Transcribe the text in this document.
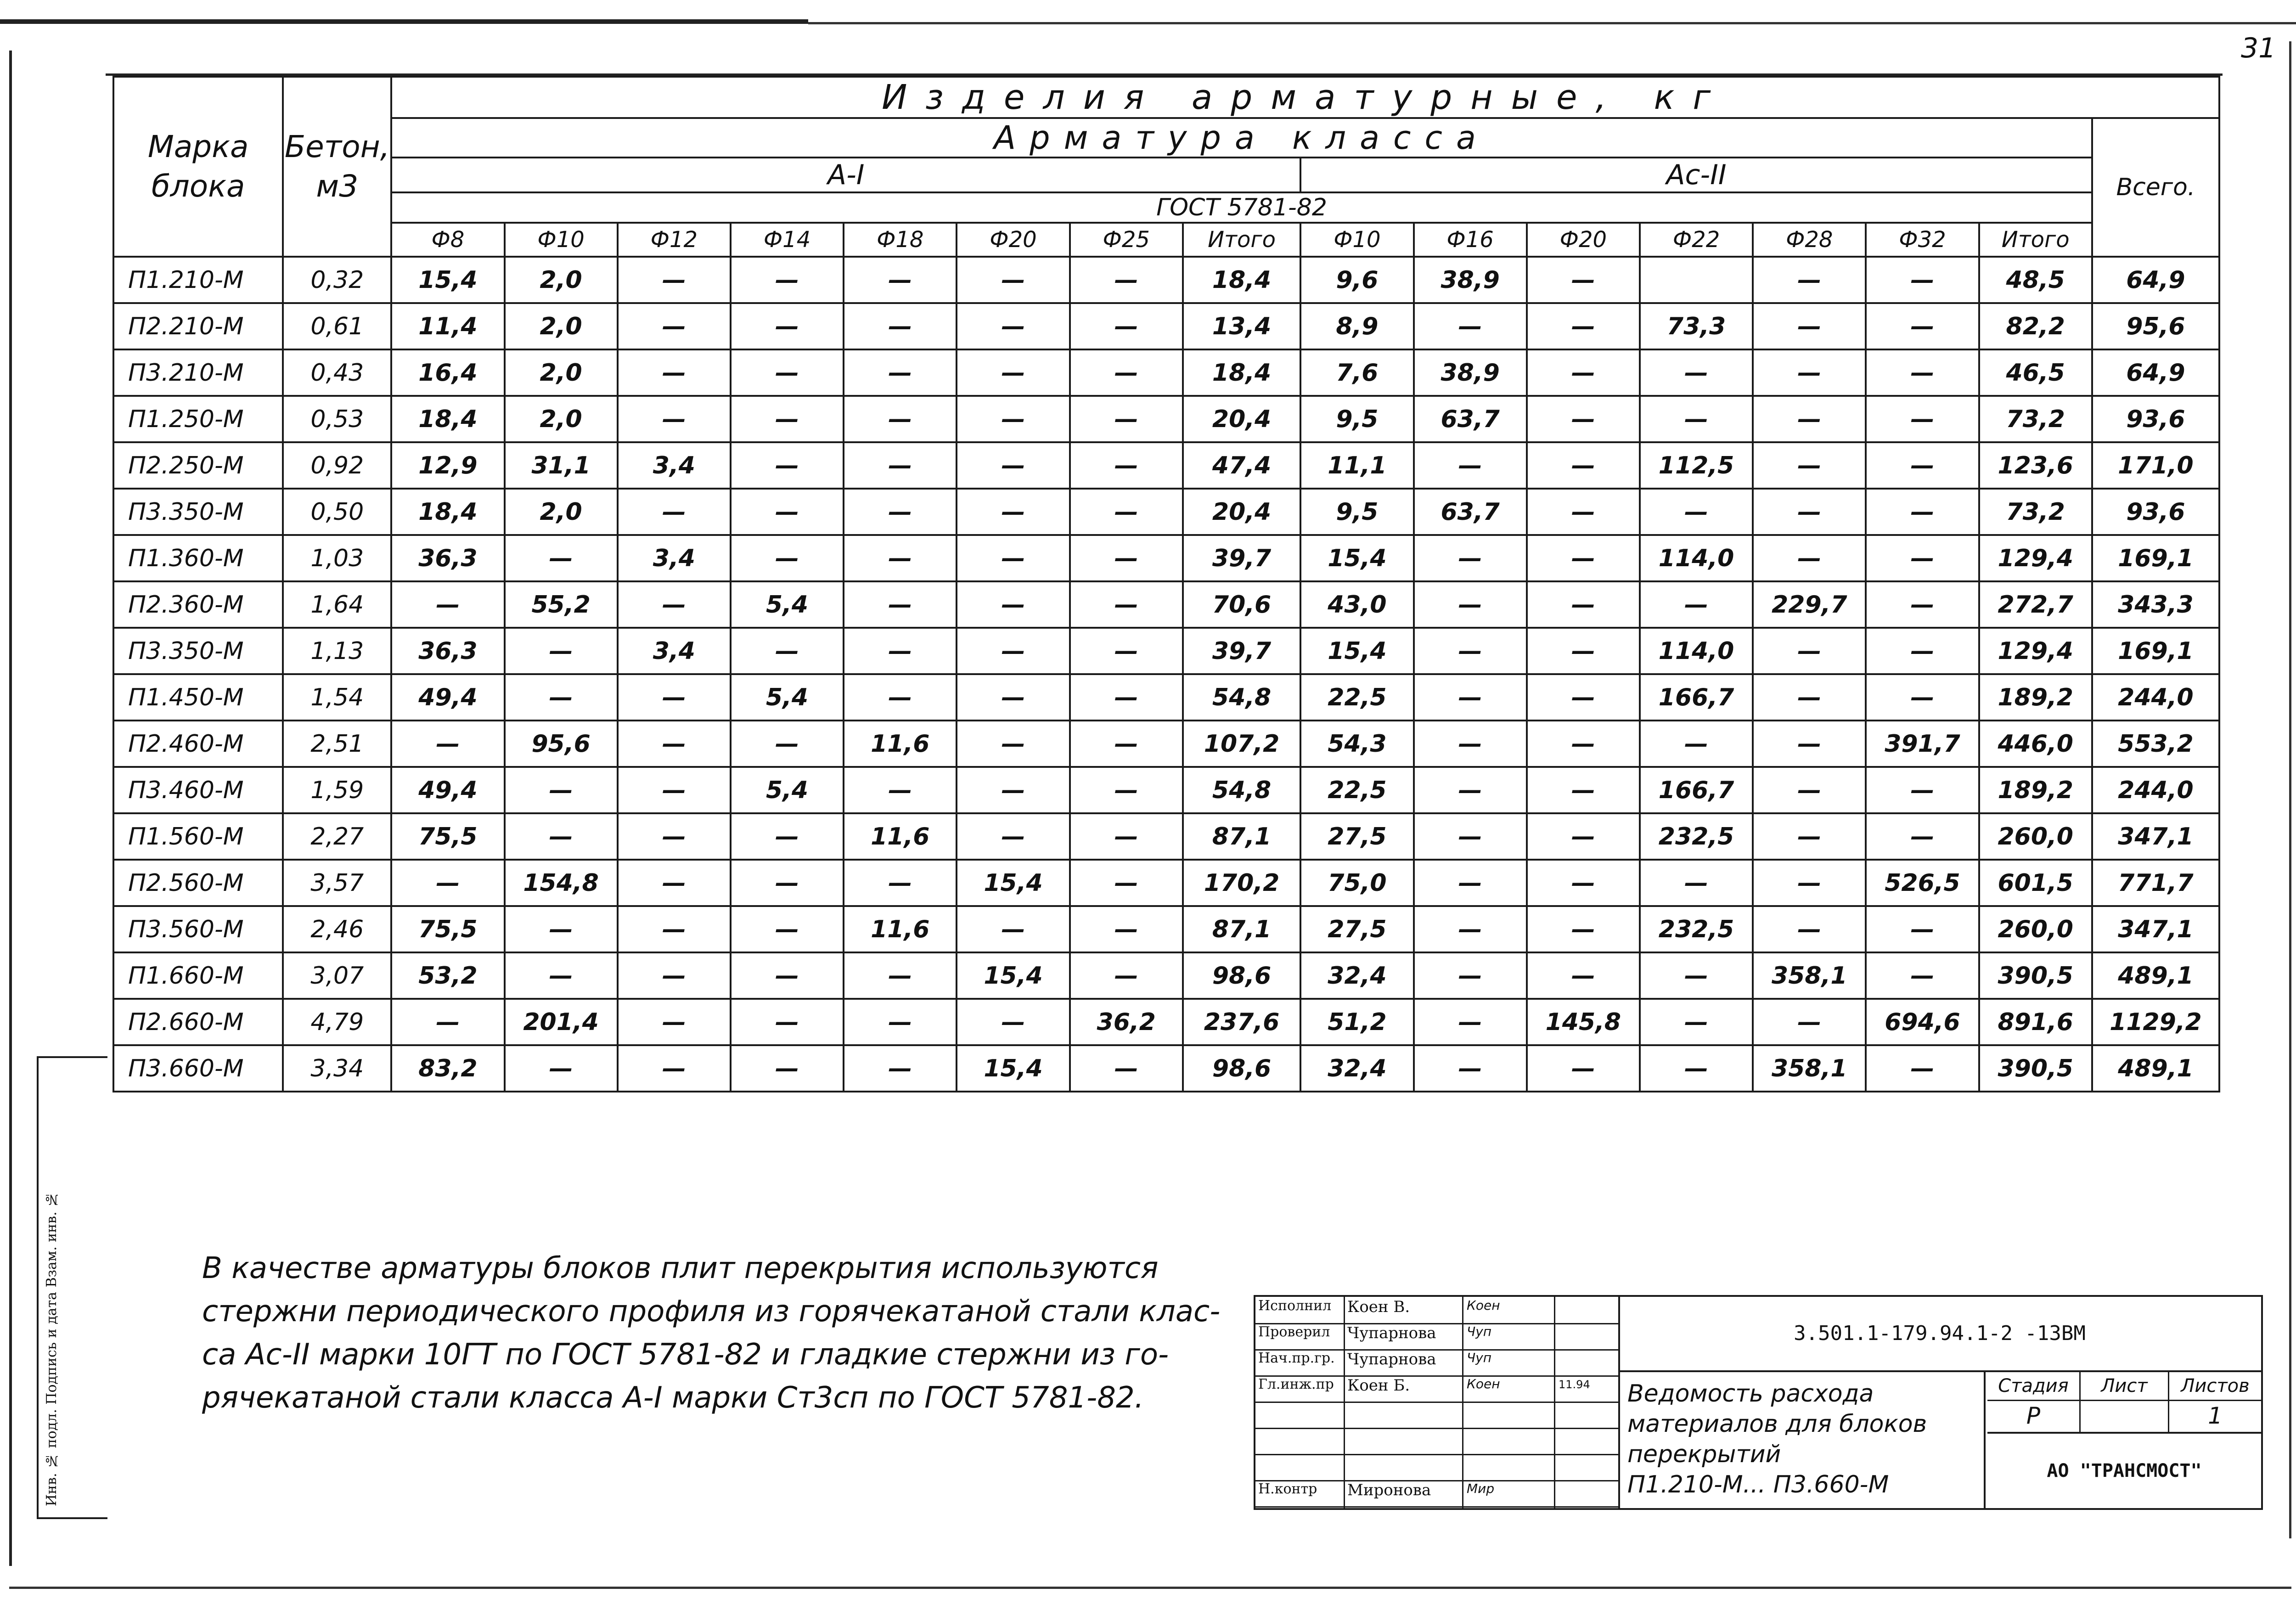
31
Марка блока	Бетон, м3	Изделия арматурные, кг															
		Арматура класса															Всего.
		А-I								Ас-II							
		ГОСТ 5781-82															
		Ф8	Ф10	Ф12	Ф14	Ф18	Ф20	Ф25	Итого	Ф10	Ф16	Ф20	Ф22	Ф28	Ф32	Итого	
П1.210-М	0,32	15,4	2,0	—	—	—	—	—	18,4	9,6	38,9	—		—	—	48,5	64,9
П2.210-М	0,61	11,4	2,0	—	—	—	—	—	13,4	8,9	—	—	73,3	—	—	82,2	95,6
П3.210-М	0,43	16,4	2,0	—	—	—	—	—	18,4	7,6	38,9	—	—	—	—	46,5	64,9
П1.250-М	0,53	18,4	2,0	—	—	—	—	—	20,4	9,5	63,7	—	—	—	—	73,2	93,6
П2.250-М	0,92	12,9	31,1	3,4	—	—	—	—	47,4	11,1	—	—	112,5	—	—	123,6	171,0
П3.350-М	0,50	18,4	2,0	—	—	—	—	—	20,4	9,5	63,7	—	—	—	—	73,2	93,6
П1.360-М	1,03	36,3	—	3,4	—	—	—	—	39,7	15,4	—	—	114,0	—	—	129,4	169,1
П2.360-М	1,64	—	55,2	—	5,4	—	—	—	70,6	43,0	—	—	—	229,7	—	272,7	343,3
П3.350-М	1,13	36,3	—	3,4	—	—	—	—	39,7	15,4	—	—	114,0	—	—	129,4	169,1
П1.450-М	1,54	49,4	—	—	5,4	—	—	—	54,8	22,5	—	—	166,7	—	—	189,2	244,0
П2.460-М	2,51	—	95,6	—	—	11,6	—	—	107,2	54,3	—	—	—	—	391,7	446,0	553,2
П3.460-М	1,59	49,4	—	—	5,4	—	—	—	54,8	22,5	—	—	166,7	—	—	189,2	244,0
П1.560-М	2,27	75,5	—	—	—	11,6	—	—	87,1	27,5	—	—	232,5	—	—	260,0	347,1
П2.560-М	3,57	—	154,8	—	—	—	15,4	—	170,2	75,0	—	—	—	—	526,5	601,5	771,7
П3.560-М	2,46	75,5	—	—	—	11,6	—	—	87,1	27,5	—	—	232,5	—	—	260,0	347,1
П1.660-М	3,07	53,2	—	—	—	—	15,4	—	98,6	32,4	—	—	—	358,1	—	390,5	489,1
П2.660-М	4,79	—	201,4	—	—	—	—	36,2	237,6	51,2	—	145,8	—	—	694,6	891,6	1129,2
П3.660-М	3,34	83,2	—	—	—	—	15,4	—	98,6	32,4	—	—	—	358,1	—	390,5	489,1
В качестве арматуры блоков плит перекрытия используются
стержни периодического профиля из горячекатаной стали клас-
са Ас-II марки 10ГТ по ГОСТ 5781-82 и гладкие стержни из го-
рячекатаной стали класса А-I марки Ст3сп по ГОСТ 5781-82.
Исполнил Коен В.	Коен
Проверил Чупарнова Чуп
Нач.пр.гр. Чупарнова Чуп
Гл.инж.пр Коен Б.	Коен	11.94
Н.контр Миронова	Мир
3.501.1-179.94.1-2 -13ВМ
Ведомость расхода
материалов для блоков
перекрытий
П1.210-М... П3.660-М
Стадия	Лист	Листов
Р	1
АО "ТРАНСМОСТ"
Инв. № подл. Подпись и дата Взам. инв. №
